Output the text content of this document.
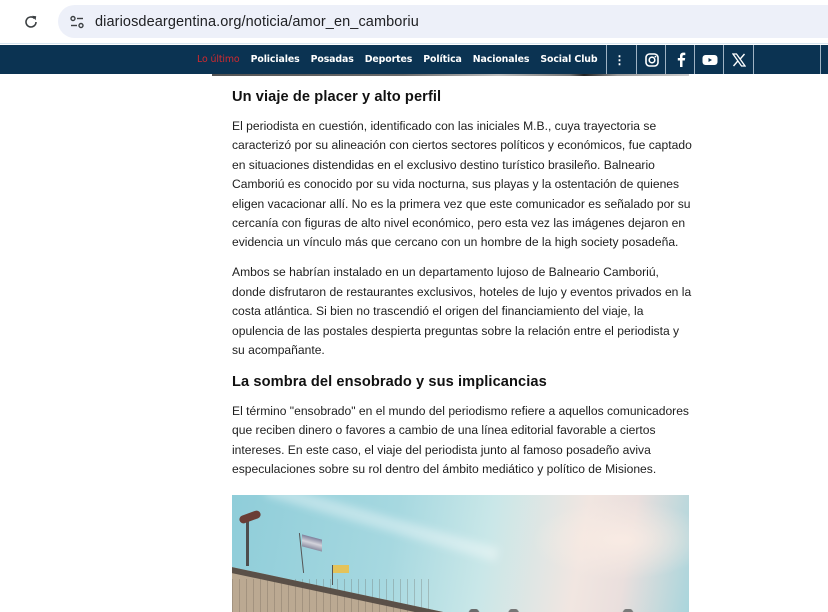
diariosdeargentina.org/noticia/amor_en_camboriu
Lo último Policiales Posadas Deportes Política Nacionales Social Club ⋮
Un viaje de placer y alto perfil

El periodista en cuestión, identificado con las iniciales M.B., cuya trayectoria se caracterizó por su alineación con ciertos sectores políticos y económicos, fue captado en situaciones distendidas en el exclusivo destino turístico brasileño. Balneario Camboriú es conocido por su vida nocturna, sus playas y la ostentación de quienes eligen vacacionar allí. No es la primera vez que este comunicador es señalado por su cercanía con figuras de alto nivel económico, pero esta vez las imágenes dejaron en evidencia un vínculo más que cercano con un hombre de la high society posadeña.

Ambos se habrían instalado en un departamento lujoso de Balneario Camboriú, donde disfrutaron de restaurantes exclusivos, hoteles de lujo y eventos privados en la costa atlántica. Si bien no trascendió el origen del financiamiento del viaje, la opulencia de las postales despierta preguntas sobre la relación entre el periodista y su acompañante.

La sombra del ensobrado y sus implicancias

El término "ensobrado" en el mundo del periodismo refiere a aquellos comunicadores que reciben dinero o favores a cambio de una línea editorial favorable a ciertos intereses. En este caso, el viaje del periodista junto al famoso posadeño aviva especulaciones sobre su rol dentro del ámbito mediático y político de Misiones.
